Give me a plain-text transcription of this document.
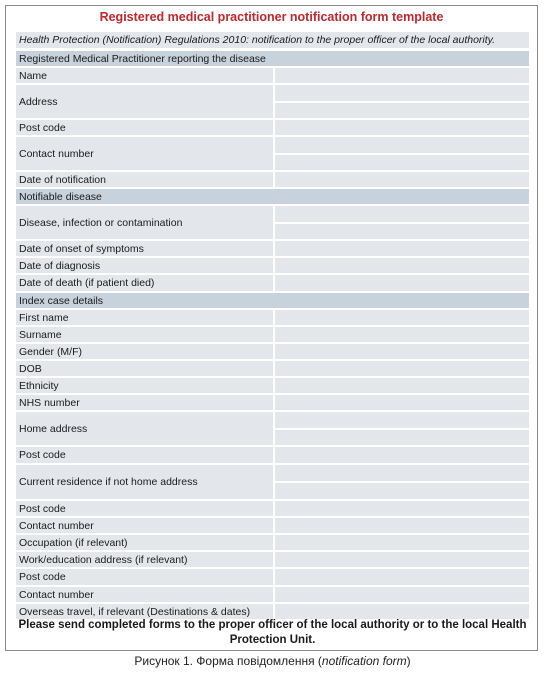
Registered medical practitioner notification form template
Health Protection (Notification) Regulations 2010: notification to the proper officer of the local authority.
Registered Medical Practitioner reporting the disease
Name
Address
Post code
Contact number
Date of notification
Notifiable disease
Disease, infection or contamination
Date of onset of symptoms
Date of diagnosis
Date of death (if patient died)
Index case details
First name
Surname
Gender (M/F)
DOB
Ethnicity
NHS number
Home address
Post code
Current residence if not home address
Post code
Contact number
Occupation (if relevant)
Work/education address (if relevant)
Post code
Contact number
Overseas travel, if relevant (Destinations & dates)
Please send completed forms to the proper officer of the local authority or to the local Health Protection Unit.
Рисунок 1. Форма повідомлення (notification form)
